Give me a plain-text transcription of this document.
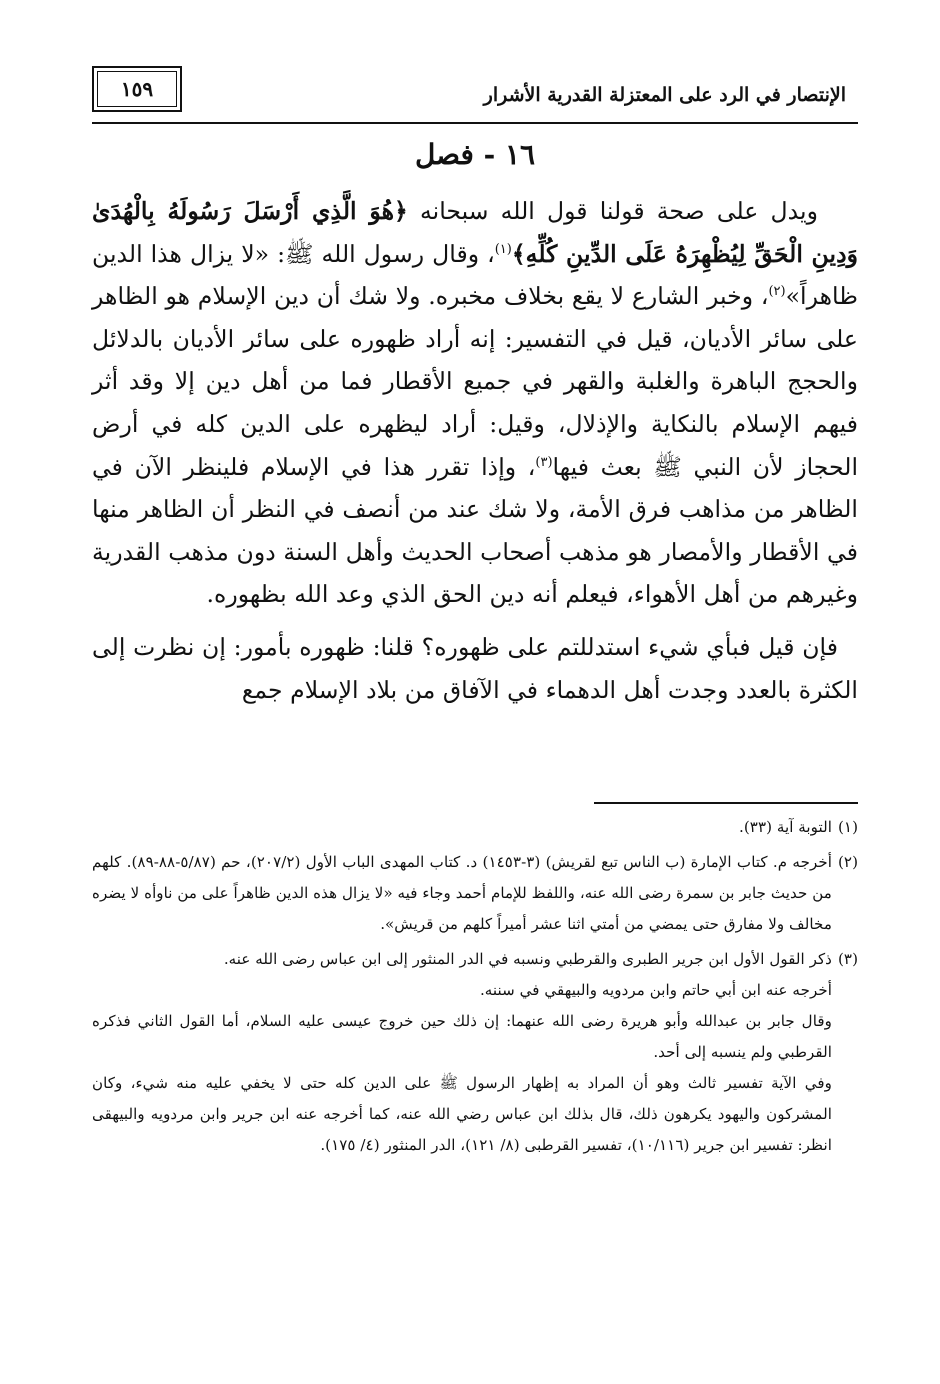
الإنتصار في الرد على المعتزلة القدرية الأشرار
١٥٩
١٦ - فصل

ويدل على صحة قولنا قول الله سبحانه ﴿هُوَ الَّذِي أَرْسَلَ رَسُولَهُ بِالْهُدَىٰ وَدِينِ الْحَقِّ لِيُظْهِرَهُ عَلَى الدِّينِ كُلِّهِ﴾$^{(١)}$، وقال رسول الله ﷺ: «لا يزال هذا الدين ظاهراً»$^{(٢)}$، وخبر الشارع لا يقع بخلاف مخبره. ولا شك أن دين الإسلام هو الظاهر على سائر الأديان، قيل في التفسير: إنه أراد ظهوره على سائر الأديان بالدلائل والحجج الباهرة والغلبة والقهر في جميع الأقطار فما من أهل دين إلا وقد أثر فيهم الإسلام بالنكاية والإذلال، وقيل: أراد ليظهره على الدين كله في أرض الحجاز لأن النبي ﷺ بعث فيها$^{(٣)}$، وإذا تقرر هذا في الإسلام فلينظر الآن في الظاهر من مذاهب فرق الأمة، ولا شك عند من أنصف في النظر أن الظاهر منها في الأقطار والأمصار هو مذهب أصحاب الحديث وأهل السنة دون مذهب القدرية وغيرهم من أهل الأهواء، فيعلم أنه دين الحق الذي وعد الله بظهوره.

فإن قيل فبأي شيء استدللتم على ظهوره؟ قلنا: ظهوره بأمور: إن نظرت إلى الكثرة بالعدد وجدت أهل الدهماء في الآفاق من بلاد الإسلام جمع

(١)

التوبة آية (٣٣).

(٢)

أخرجه م. كتاب الإمارة (ب الناس تبع لقريش) (٣-١٤٥٣) د. كتاب المهدى الباب الأول (٢٠٧/٢)، حم (٥/٨٧-٨٨-٨٩). كلهم من حديث جابر بن سمرة رضى الله عنه، واللفظ للإمام أحمد وجاء فيه «لا يزال هذه الدين ظاهراً على من ناوأه لا يضره مخالف ولا مفارق حتى يمضي من أمتي اثنا عشر أميراً كلهم من قريش».

(٣)

ذكر القول الأول ابن جرير الطبرى والقرطبي ونسبه في الدر المنثور إلى ابن عباس رضى الله عنه.

أخرجه عنه ابن أبي حاتم وابن مردويه والبيهقي في سننه.

وقال جابر بن عبدالله وأبو هريرة رضى الله عنهما: إن ذلك حين خروج عيسى عليه السلام، أما القول الثاني فذكره القرطبي ولم ينسبه إلى أحد.

وفي الآية تفسير ثالث وهو أن المراد به إظهار الرسول ﷺ على الدين كله حتى لا يخفي عليه منه شيء، وكان المشركون واليهود يكرهون ذلك، قال بذلك ابن عباس رضي الله عنه، كما أخرجه عنه ابن جرير وابن مردويه والبيهقى انظر: تفسير ابن جرير (١٠/١١٦)، تفسير القرطبى (٨/ ١٢١)، الدر المنثور (٤/ ١٧٥).
